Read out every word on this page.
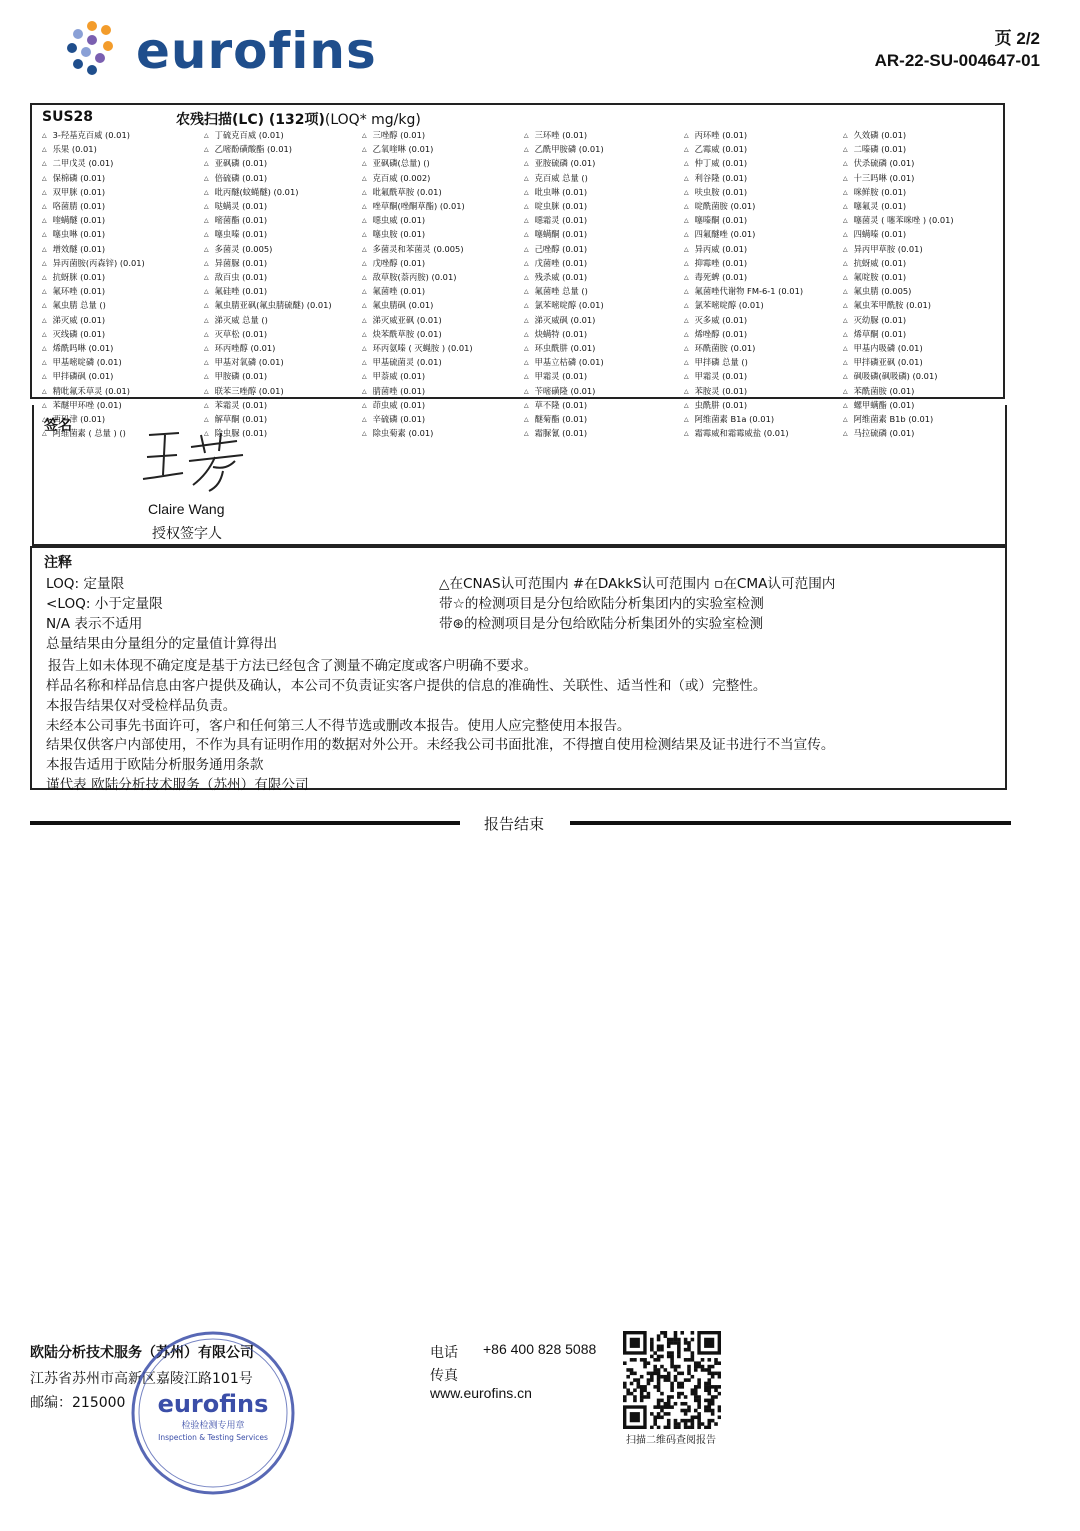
eurofins	页 2/2
AR-22-SU-004647-01
SUS28	农残扫描(LC) (132项)(LOQ* mg/kg)
△ 3-羟基克百威 (0.01)
△ 乐果 (0.01)
△ 二甲戊灵 (0.01)
△ 保棉磷 (0.01)
△ 双甲脒 (0.01)
△ 咯菌腈 (0.01)
△ 喹螨醚 (0.01)
△ 噻虫啉 (0.01)
△ 增效醚 (0.01)
△ 异丙菌胺(丙森锌) (0.01)
△ 抗蚜脒 (0.01)
△ 氟环唑 (0.01)
△ 氟虫腈 总量 ()
△ 涕灭威 (0.01)
△ 灭线磷 (0.01)
△ 烯酰吗啉 (0.01)
△ 甲基嘧啶磷 (0.01)
△ 甲拌磷砜 (0.01)
△ 精吡氟禾草灵 (0.01)
△ 苯醚甲环唑 (0.01)
△ 西玛津 (0.01)
△ 阿维菌素 ( 总量 ) ()
△ 丁硫克百威 (0.01)
△ 乙嘧酚磺酸酯 (0.01)
△ 亚砜磷 (0.01)
△ 倍硫磷 (0.01)
△ 吡丙醚(蚊蝇醚) (0.01)
△ 哒螨灵 (0.01)
△ 嘧菌酯 (0.01)
△ 噻虫嗪 (0.01)
△ 多菌灵 (0.005)
△ 异菌脲 (0.01)
△ 敌百虫 (0.01)
△ 氟硅唑 (0.01)
△ 氟虫腈亚砜(氟虫腈硫醚) (0.01)
△ 涕灭威 总量 ()
△ 灭草松 (0.01)
△ 环丙唑醇 (0.01)
△ 甲基对氧磷 (0.01)
△ 甲胺磷 (0.01)
△ 联苯三唑醇 (0.01)
△ 苯霜灵 (0.01)
△ 解草酮 (0.01)
△ 除虫脲 (0.01)
△ 三唑醇 (0.01)
△ 乙氧喹啉 (0.01)
△ 亚砜磷(总量) ()
△ 克百威 (0.002)
△ 吡氟酰草胺 (0.01)
△ 唑草酮(唑酮草酯) (0.01)
△ 噁虫威 (0.01)
△ 噻虫胺 (0.01)
△ 多菌灵和苯菌灵 (0.005)
△ 戊唑醇 (0.01)
△ 敌草胺(萘丙胺) (0.01)
△ 氟菌唑 (0.01)
△ 氟虫腈砜 (0.01)
△ 涕灭威亚砜 (0.01)
△ 炔苯酰草胺 (0.01)
△ 环丙氨嗪 ( 灭蝇胺 ) (0.01)
△ 甲基硫菌灵 (0.01)
△ 甲萘威 (0.01)
△ 腈菌唑 (0.01)
△ 茚虫威 (0.01)
△ 辛硫磷 (0.01)
△ 除虫菊素 (0.01)
△ 三环唑 (0.01)
△ 乙酰甲胺磷 (0.01)
△ 亚胺硫磷 (0.01)
△ 克百威 总量 ()
△ 吡虫啉 (0.01)
△ 啶虫脒 (0.01)
△ 噁霜灵 (0.01)
△ 噻螨酮 (0.01)
△ 己唑醇 (0.01)
△ 戊菌唑 (0.01)
△ 残杀威 (0.01)
△ 氟菌唑 总量 ()
△ 氯苯嘧啶醇 (0.01)
△ 涕灭威砜 (0.01)
△ 炔螨特 (0.01)
△ 环虫酰肼 (0.01)
△ 甲基立枯磷 (0.01)
△ 甲霜灵 (0.01)
△ 苄嘧磺隆 (0.01)
△ 草不隆 (0.01)
△ 醚菊酯 (0.01)
△ 霜脲氰 (0.01)
△ 丙环唑 (0.01)
△ 乙霉威 (0.01)
△ 仲丁威 (0.01)
△ 利谷隆 (0.01)
△ 呋虫胺 (0.01)
△ 啶酰菌胺 (0.01)
△ 噻嗪酮 (0.01)
△ 四氟醚唑 (0.01)
△ 异丙威 (0.01)
△ 抑霉唑 (0.01)
△ 毒死蜱 (0.01)
△ 氟菌唑代谢物 FM-6-1 (0.01)
△ 氯苯嘧啶醇 (0.01)
△ 灭多威 (0.01)
△ 烯唑醇 (0.01)
△ 环酰菌胺 (0.01)
△ 甲拌磷 总量 ()
△ 甲霜灵 (0.01)
△ 苯胺灵 (0.01)
△ 虫酰肼 (0.01)
△ 阿维菌素 B1a (0.01)
△ 霜霉威和霜霉威盐 (0.01)
△ 久效磷 (0.01)
△ 二嗪磷 (0.01)
△ 伏杀硫磷 (0.01)
△ 十三吗啉 (0.01)
△ 咪鲜胺 (0.01)
△ 噻氟灵 (0.01)
△ 噻菌灵 ( 噻苯咪唑 ) (0.01)
△ 四螨嗪 (0.01)
△ 异丙甲草胺 (0.01)
△ 抗蚜威 (0.01)
△ 氟啶胺 (0.01)
△ 氟虫腈 (0.005)
△ 氟虫苯甲酰胺 (0.01)
△ 灭幼脲 (0.01)
△ 烯草酮 (0.01)
△ 甲基内吸磷 (0.01)
△ 甲拌磷亚砜 (0.01)
△ 砜吸磷(砜吸磷) (0.01)
△ 苯酰菌胺 (0.01)
△ 螺甲螨酯 (0.01)
△ 阿维菌素 B1b (0.01)
△ 马拉硫磷 (0.01)
签名
Claire Wang
授权签字人
注释
LOQ: 定量限
<LOQ: 小于定量限
N/A 表示不适用
总量结果由分量组分的定量值计算得出
△在CNAS认可范围内 #在DAkkS认可范围内 ▫在CMA认可范围内
带☆的检测项目是分包给欧陆分析集团内的实验室检测
带⊛的检测项目是分包给欧陆分析集团外的实验室检测
报告上如未体现不确定度是基于方法已经包含了测量不确定度或客户明确不要求。
样品名称和样品信息由客户提供及确认，本公司不负责证实客户提供的信息的准确性、关联性、适当性和（或）完整性。
本报告结果仅对受检样品负责。
未经本公司事先书面许可，客户和任何第三人不得节选或删改本报告。使用人应完整使用本报告。
结果仅供客户内部使用，不作为具有证明作用的数据对外公开。未经我公司书面批准，不得擅自使用检测结果及证书进行不当宣传。
本报告适用于欧陆分析服务通用条款
谨代表 欧陆分析技术服务（苏州）有限公司
报告结束
欧陆分析技术服务（苏州）有限公司
江苏省苏州市高新区嘉陵江路101号
邮编：215000
电话 +86 400 828 5088
传真
www.eurofins.cn
扫描二维码查阅报告
eurofins
检验检测专用章
Inspection & Testing Services
